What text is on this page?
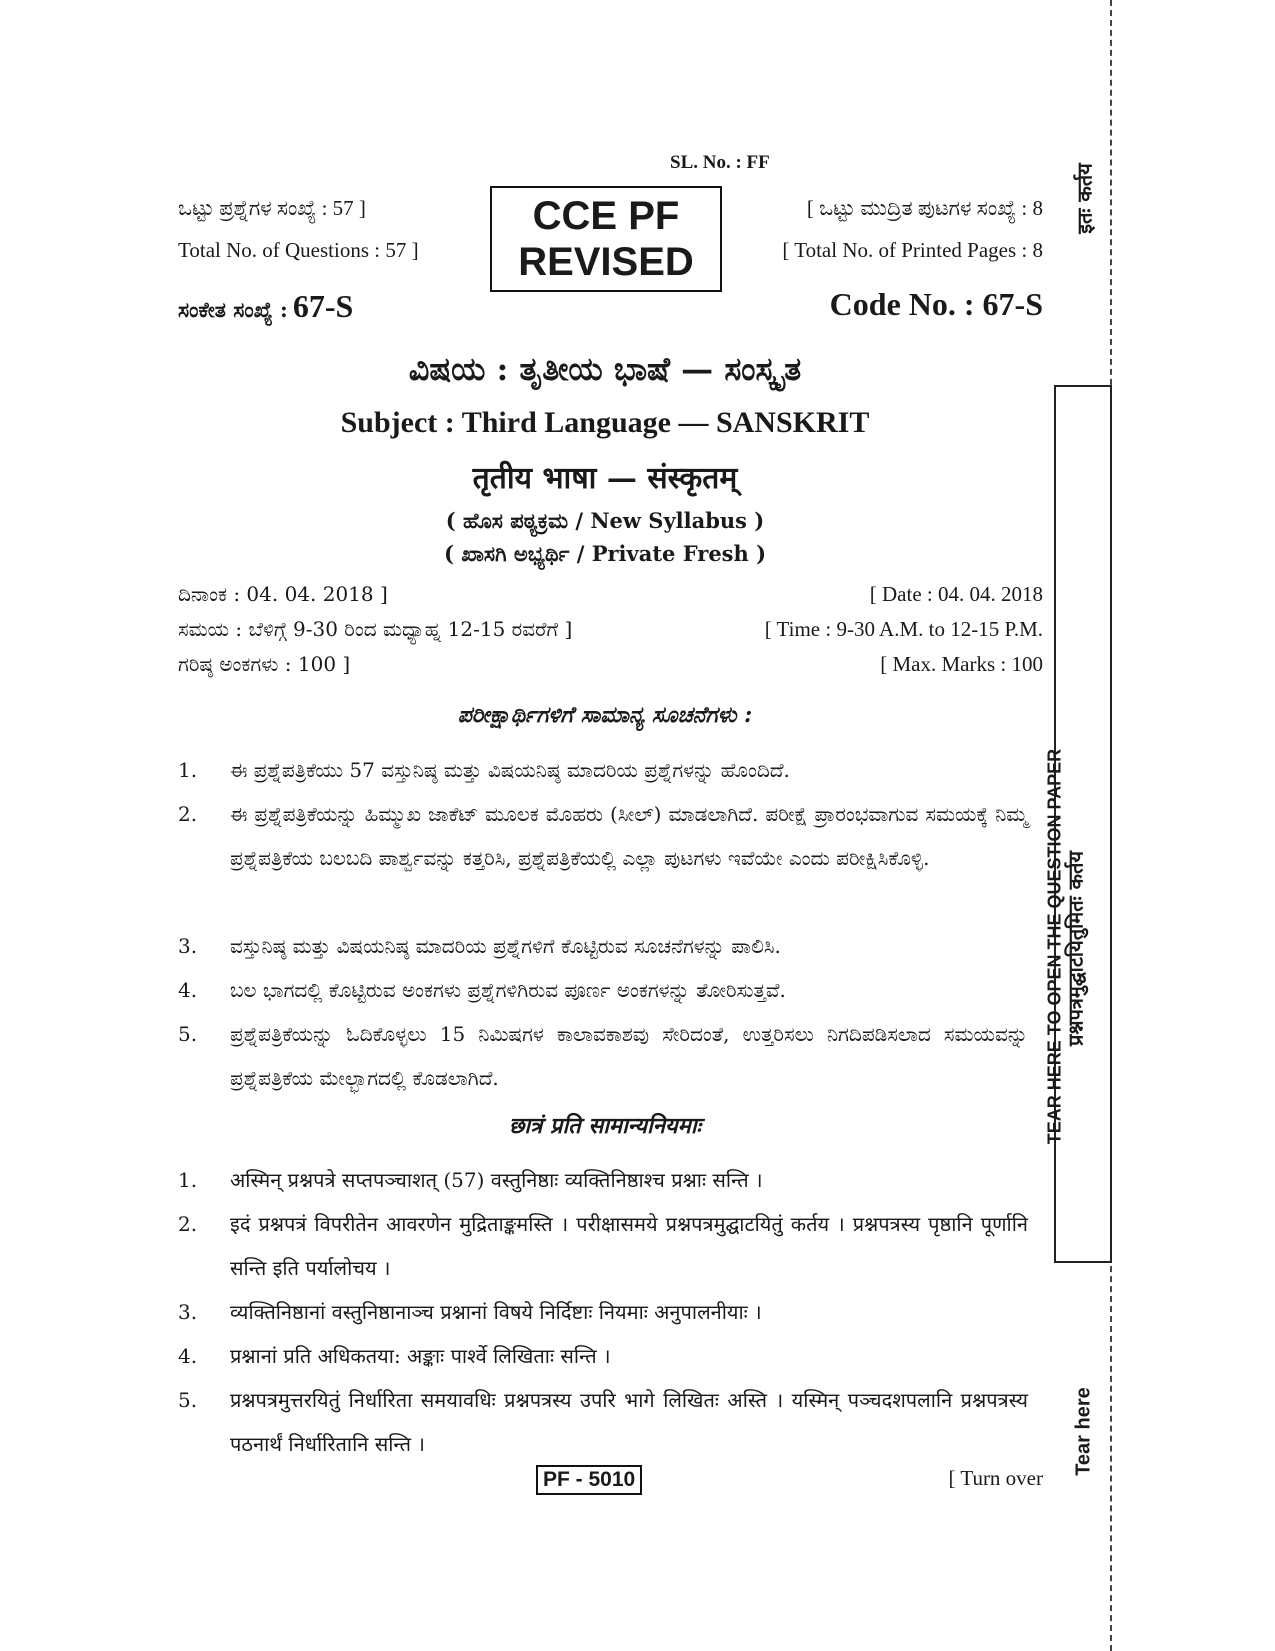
SL. No. : FF
ಒಟ್ಟು ಪ್ರಶ್ನೆಗಳ ಸಂಖ್ಯೆ : 57 ]
Total No. of Questions : 57 ]
CCE PF
REVISED
[ ಒಟ್ಟು ಮುದ್ರಿತ ಪುಟಗಳ ಸಂಖ್ಯೆ : 8
[ Total No. of Printed Pages : 8
ಸಂಕೇತ ಸಂಖ್ಯೆ : 67-S	Code No. : 67-S
ವಿಷಯ : ತೃತೀಯ ಭಾಷೆ — ಸಂಸ್ಕೃತ
Subject : Third Language — SANSKRIT
तृतीय भाषा — संस्कृतम्
( ಹೊಸ ಪಠ್ಯಕ್ರಮ / New Syllabus )
( ಖಾಸಗಿ ಅಭ್ಯರ್ಥಿ / Private Fresh )
ದಿನಾಂಕ : 04. 04. 2018 ]	[ Date : 04. 04. 2018
ಸಮಯ : ಬೆಳಿಗ್ಗೆ 9-30 ರಿಂದ ಮಧ್ಯಾಹ್ನ 12-15 ರವರೆಗೆ ]	[ Time : 9-30 A.M. to 12-15 P.M.
ಗರಿಷ್ಠ ಅಂಕಗಳು : 100 ]	[ Max. Marks : 100
ಪರೀಕ್ಷಾರ್ಥಿಗಳಿಗೆ ಸಾಮಾನ್ಯ ಸೂಚನೆಗಳು :
1.	ಈ ಪ್ರಶ್ನೆಪತ್ರಿಕೆಯು 57 ವಸ್ತುನಿಷ್ಠ ಮತ್ತು ವಿಷಯನಿಷ್ಠ ಮಾದರಿಯ ಪ್ರಶ್ನೆಗಳನ್ನು ಹೊಂದಿದೆ.
2.	ಈ ಪ್ರಶ್ನೆಪತ್ರಿಕೆಯನ್ನು ಹಿಮ್ಮುಖ ಜಾಕೆಟ್ ಮೂಲಕ ಮೊಹರು (ಸೀಲ್) ಮಾಡಲಾಗಿದೆ. ಪರೀಕ್ಷೆ ಪ್ರಾರಂಭವಾಗುವ ಸಮಯಕ್ಕೆ ನಿಮ್ಮ ಪ್ರಶ್ನೆಪತ್ರಿಕೆಯ ಬಲಬದಿ ಪಾರ್ಶ್ವವನ್ನು ಕತ್ತರಿಸಿ, ಪ್ರಶ್ನೆಪತ್ರಿಕೆಯಲ್ಲಿ ಎಲ್ಲಾ ಪುಟಗಳು ಇವೆಯೇ ಎಂದು ಪರೀಕ್ಷಿಸಿಕೊಳ್ಳಿ.
3.	ವಸ್ತುನಿಷ್ಠ ಮತ್ತು ವಿಷಯನಿಷ್ಠ ಮಾದರಿಯ ಪ್ರಶ್ನೆಗಳಿಗೆ ಕೊಟ್ಟಿರುವ ಸೂಚನೆಗಳನ್ನು ಪಾಲಿಸಿ.
4.	ಬಲ ಭಾಗದಲ್ಲಿ ಕೊಟ್ಟಿರುವ ಅಂಕಗಳು ಪ್ರಶ್ನೆಗಳಿಗಿರುವ ಪೂರ್ಣ ಅಂಕಗಳನ್ನು ತೋರಿಸುತ್ತವೆ.
5.	ಪ್ರಶ್ನೆಪತ್ರಿಕೆಯನ್ನು ಓದಿಕೊಳ್ಳಲು 15 ನಿಮಿಷಗಳ ಕಾಲಾವಕಾಶವು ಸೇರಿದಂತೆ, ಉತ್ತರಿಸಲು ನಿಗದಿಪಡಿಸಲಾದ ಸಮಯವನ್ನು ಪ್ರಶ್ನೆಪತ್ರಿಕೆಯ ಮೇಲ್ಭಾಗದಲ್ಲಿ ಕೊಡಲಾಗಿದೆ.
छात्रं प्रति सामान्यनियमाः
1.	अस्मिन् प्रश्नपत्रे सप्तपञ्चाशत् (57) वस्तुनिष्ठाः व्यक्तिनिष्ठाश्च प्रश्नाः सन्ति ।
2.	इदं प्रश्नपत्रं विपरीतेन आवरणेन मुद्रिताङ्कमस्ति । परीक्षासमये प्रश्नपत्रमुद्घाटयितुं कर्तय । प्रश्नपत्रस्य पृष्ठानि पूर्णानि सन्ति इति पर्यालोचय ।
3.	व्यक्तिनिष्ठानां वस्तुनिष्ठानाञ्च प्रश्नानां विषये निर्दिष्टाः नियमाः अनुपालनीयाः ।
4.	प्रश्नानां प्रति अधिकतया: अङ्काः पार्श्वे लिखिताः सन्ति ।
5.	प्रश्नपत्रमुत्तरयितुं निर्धारिता समयावधिः प्रश्नपत्रस्य उपरि भागे लिखितः अस्ति । यस्मिन् पञ्चदशपलानि प्रश्नपत्रस्य पठनार्थं निर्धारितानि सन्ति ।
PF - 5010	[ Turn over
इतः कर्तय
TEAR HERE TO OPEN THE QUESTION PAPER प्रश्नपत्रमुद्घाटयितुमितः कर्तय
Tear here
